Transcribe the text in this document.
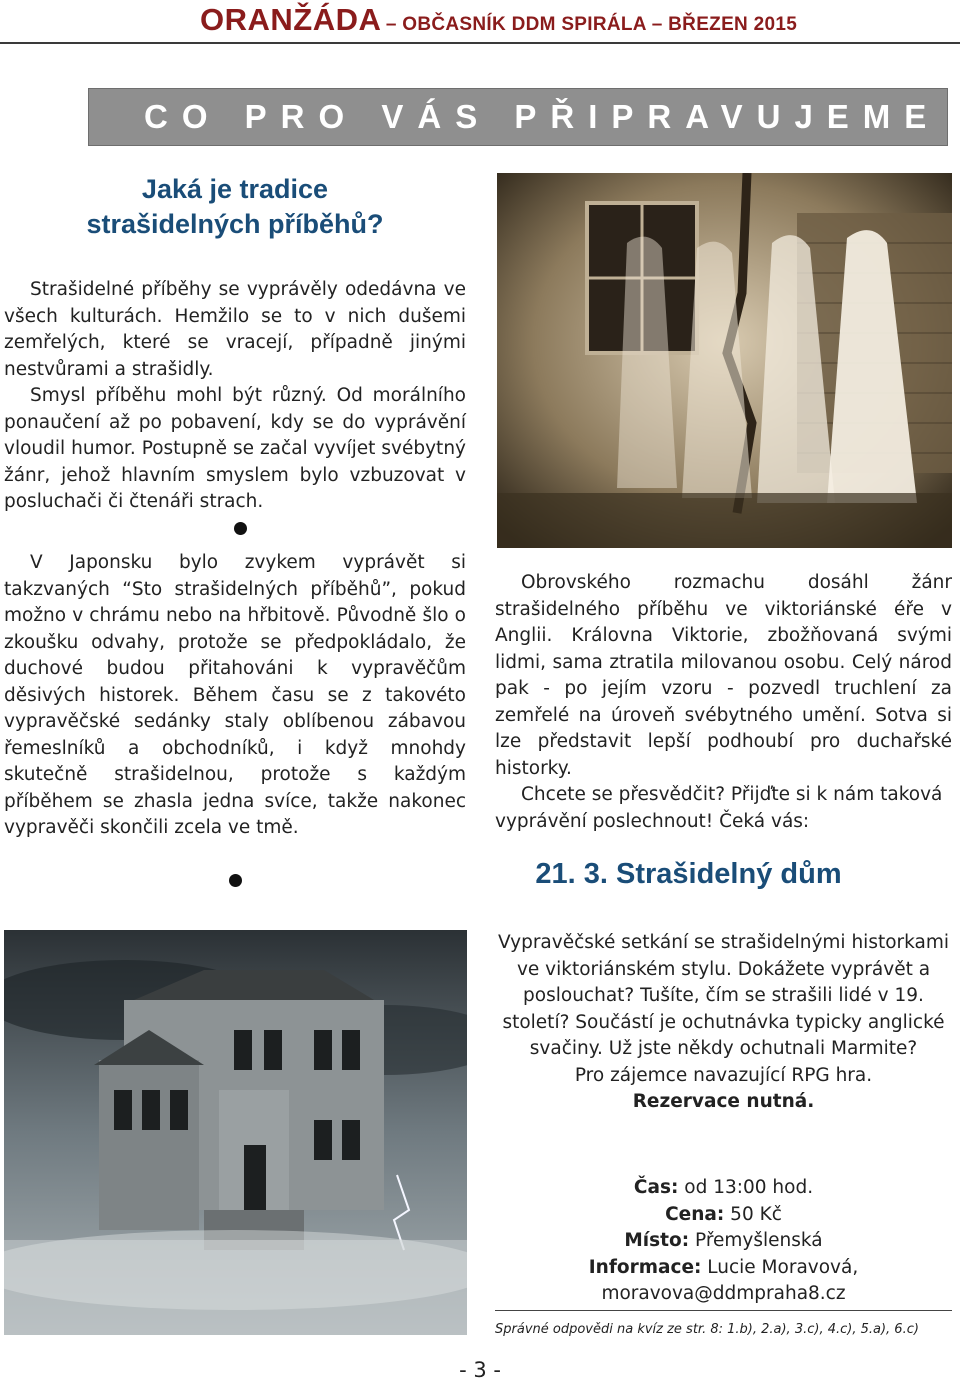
ORANŽÁDA – OBČASNÍK DDM SPIRÁLA – BŘEZEN 2015
CO PRO VÁS PŘIPRAVUJEME
Jaká je tradice
strašidelných příběhů?

Strašidelné příběhy se vyprávěly odedávna ve všech kulturách. Hemžilo se to v nich dušemi zemřelých, které se vracejí, případně jinými nestvůrami a strašidly.

Smysl příběhu mohl být různý. Od morálního ponaučení až po pobavení, kdy se do vyprávění vloudil humor. Postupně se začal vyvíjet svébytný žánr, jehož hlavním smyslem bylo vzbuzovat v posluchači či čtenáři strach.

V Japonsku bylo zvykem vyprávět si takzvaných “Sto strašidelných příběhů”, pokud možno v chrámu nebo na hřbitově. Původně šlo o zkoušku odvahy, protože se předpokládalo, že duchové budou přitahováni k vypravěčům děsivých historek. Během času se z takovéto vypravěčské sedánky staly oblíbenou zábavou řemeslníků a obchodníků, i když mnohdy skutečně strašidelnou, protože s každým příběhem se zhasla jedna svíce, takže nakonec vypravěči skončili zcela ve tmě.

Obrovského rozmachu dosáhl žánr strašidelného příběhu ve viktoriánské éře v Anglii. Královna Viktorie, zbožňovaná svými lidmi, sama ztratila milovanou osobu. Celý národ pak - po jejím vzoru - pozvedl truchlení za zemřelé na úroveň svébytného umění. Sotva si lze představit lepší podhoubí pro duchařské historky.

Chcete se přesvědčit? Přijďte si k nám taková vyprávění poslechnout! Čeká vás:

21. 3. Strašidelný dům

Vypravěčské setkání se strašidelnými historkami ve viktoriánském stylu. Dokážete vyprávět a poslouchat? Tušíte, čím se strašili lidé v 19. století? Součástí je ochutnávka typicky anglické svačiny. Už jste někdy ochutnali Marmite?

Pro zájemce navazující RPG hra.

Rezervace nutná.

Čas: od 13:00 hod.

Cena: 50 Kč

Místo: Přemyšlenská

Informace: Lucie Moravová,

moravova@ddmpraha8.cz

Správné odpovědi na kvíz ze str. 8: 1.b), 2.a), 3.c), 4.c), 5.a), 6.c)
- 3 -
